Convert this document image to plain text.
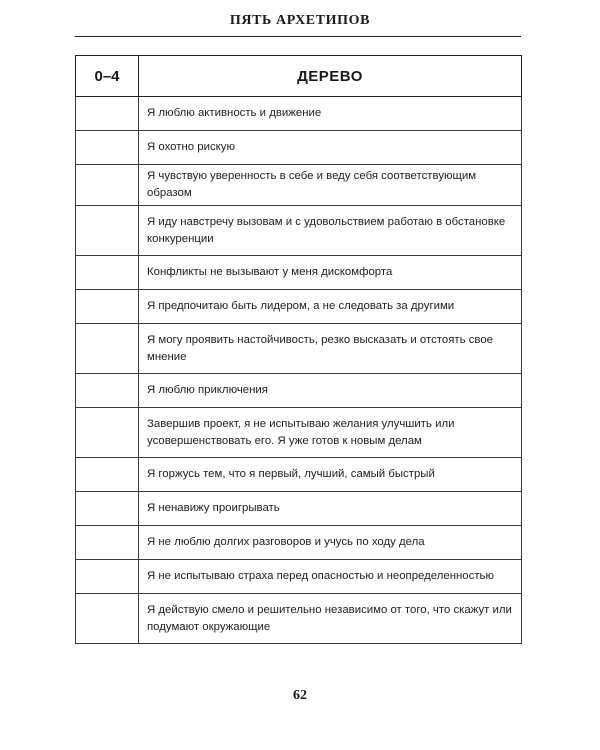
ПЯТЬ АРХЕТИПОВ
0–4	ДЕРЕВО
	Я люблю активность и движение
	Я охотно рискую
	Я чувствую уверенность в себе и веду себя соответствующим образом
	Я иду навстречу вызовам и с удовольствием работаю в обстановке конкуренции
	Конфликты не вызывают у меня дискомфорта
	Я предпочитаю быть лидером, а не следовать за другими
	Я могу проявить настойчивость, резко высказать и отстоять свое мнение
	Я люблю приключения
	Завершив проект, я не испытываю желания улучшить или усовершенствовать его. Я уже готов к новым делам
	Я горжусь тем, что я первый, лучший, самый быстрый
	Я ненавижу проигрывать
	Я не люблю долгих разговоров и учусь по ходу дела
	Я не испытываю страха перед опасностью и неопределенностью
	Я действую смело и решительно независимо от того, что скажут или подумают окружающие
62
